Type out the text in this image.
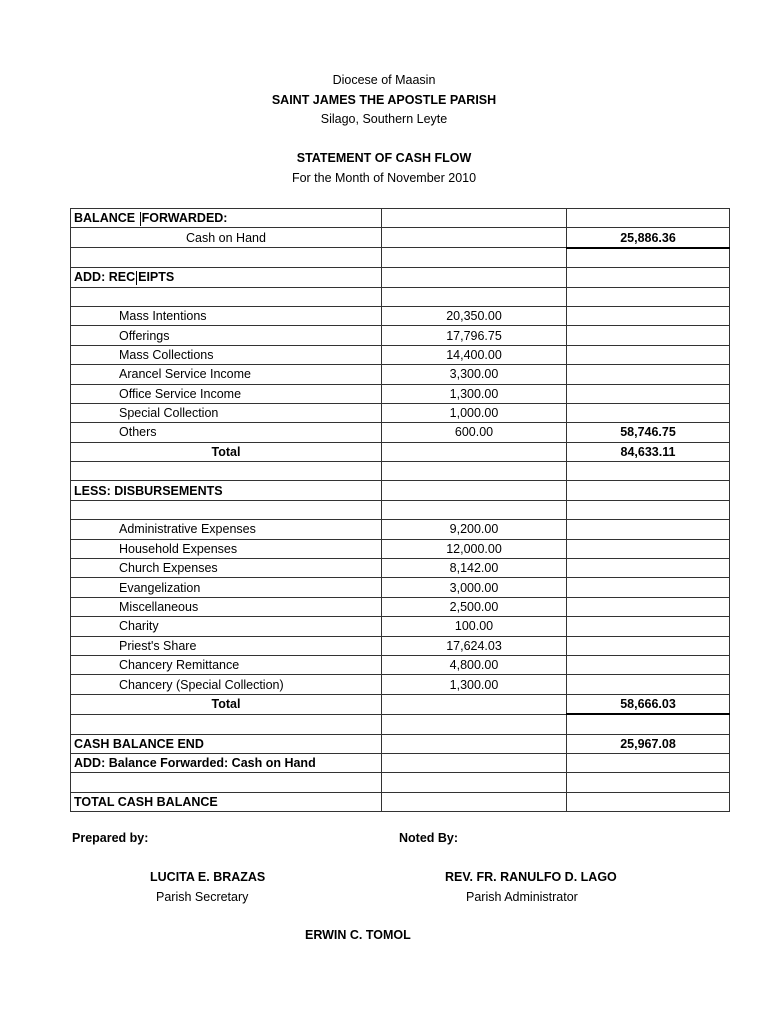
Diocese of Maasin
SAINT JAMES THE APOSTLE PARISH
Silago, Southern Leyte
STATEMENT OF CASH FLOW
For the Month of November 2010
BALANCE FORWARDED:		
Cash on Hand		25,886.36

ADD: REC EIPTS		

Mass Intentions	20,350.00	
Offerings	17,796.75	
Mass Collections	14,400.00	
Arancel Service Income	3,300.00	
Office Service Income	1,300.00	
Special Collection	1,000.00	
Others	600.00	58,746.75
Total		84,633.11

LESS: DISBURSEMENTS		

Administrative Expenses	9,200.00	
Household Expenses	12,000.00	
Church Expenses	8,142.00	
Evangelization	3,000.00	
Miscellaneous	2,500.00	
Charity	100.00	
Priest's Share	17,624.03	
Chancery Remittance	4,800.00	
Chancery (Special Collection)	1,300.00	
Total		58,666.03

CASH BALANCE END		25,967.08
ADD: Balance Forwarded: Cash on Hand		

TOTAL CASH BALANCE		
Prepared by:	Noted By:
LUCITA E. BRAZAS
Parish Secretary
REV. FR. RANULFO D. LAGO
Parish Administrator
ERWIN C. TOMOL
